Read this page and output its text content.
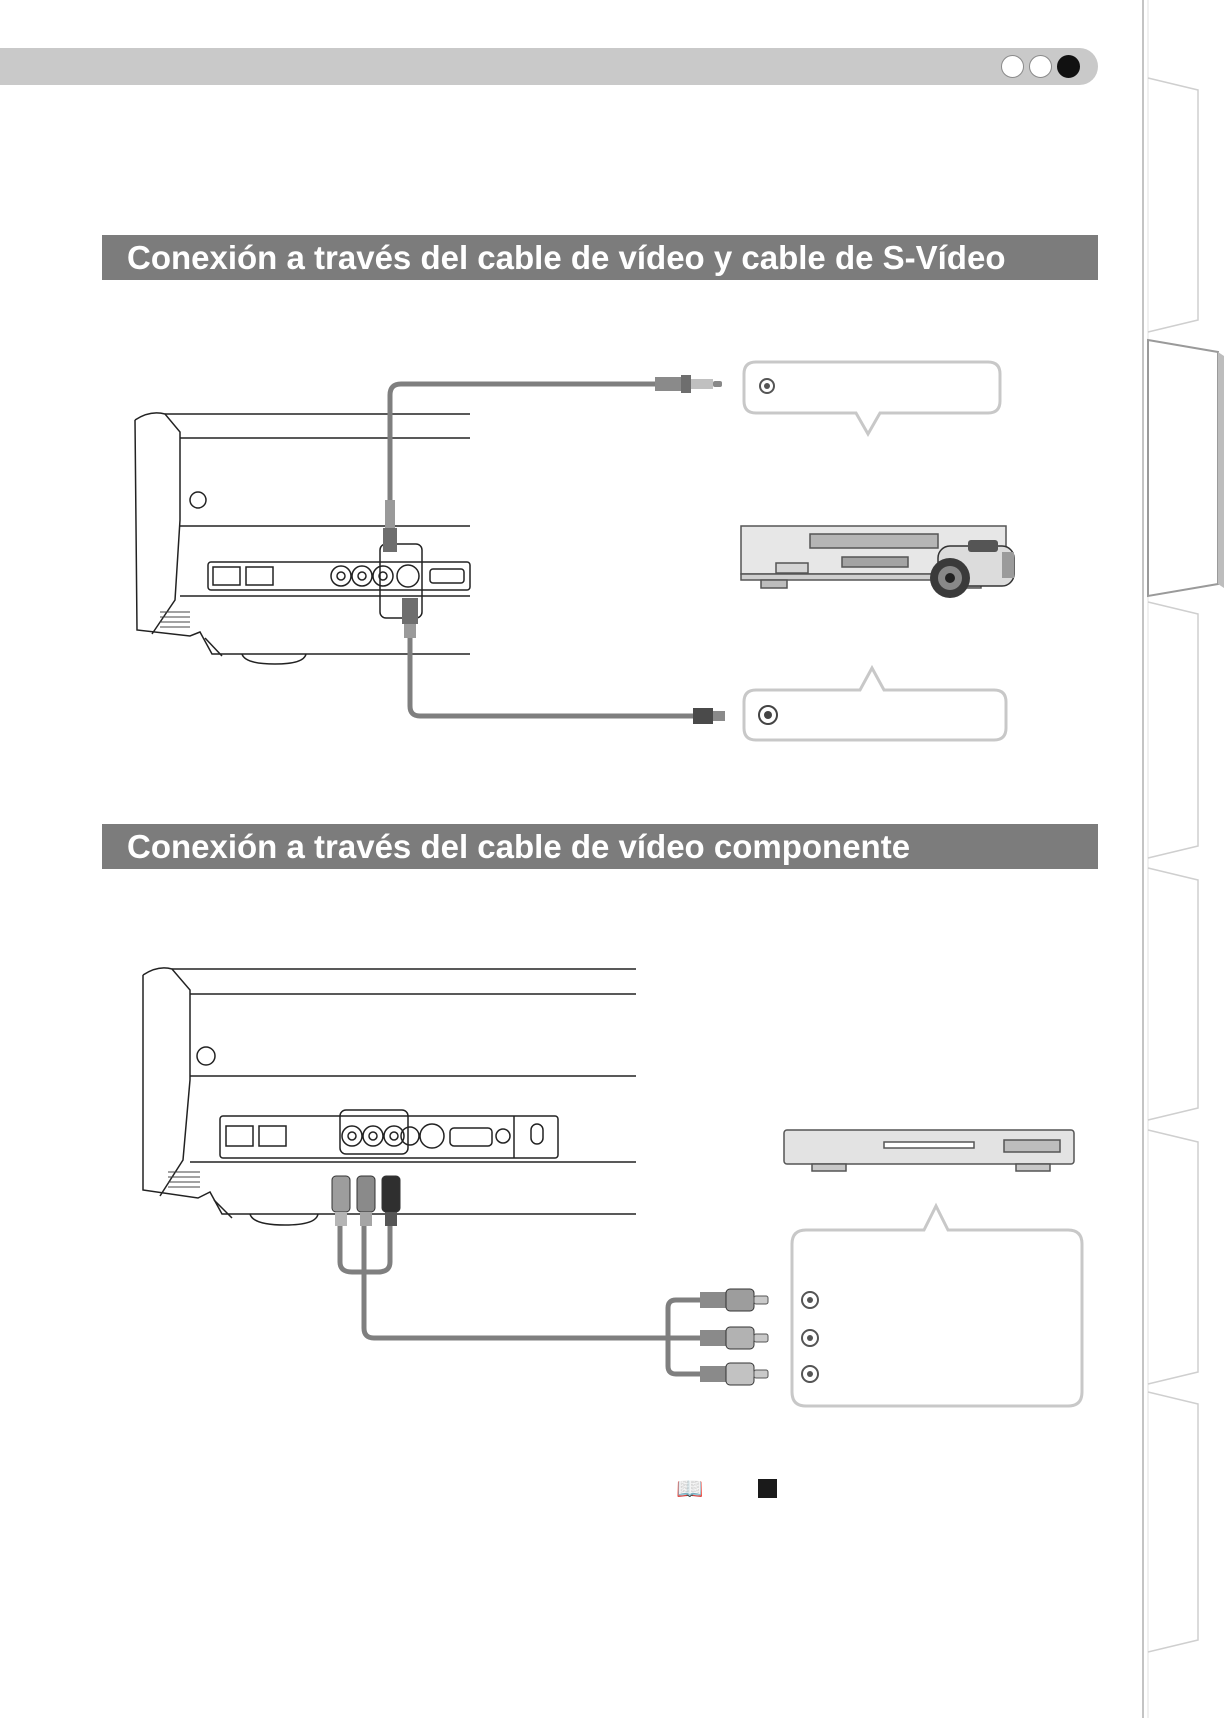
Conexión a través del cable de vídeo y cable de S-Vídeo
Conexión a través del cable de vídeo componente
📖
